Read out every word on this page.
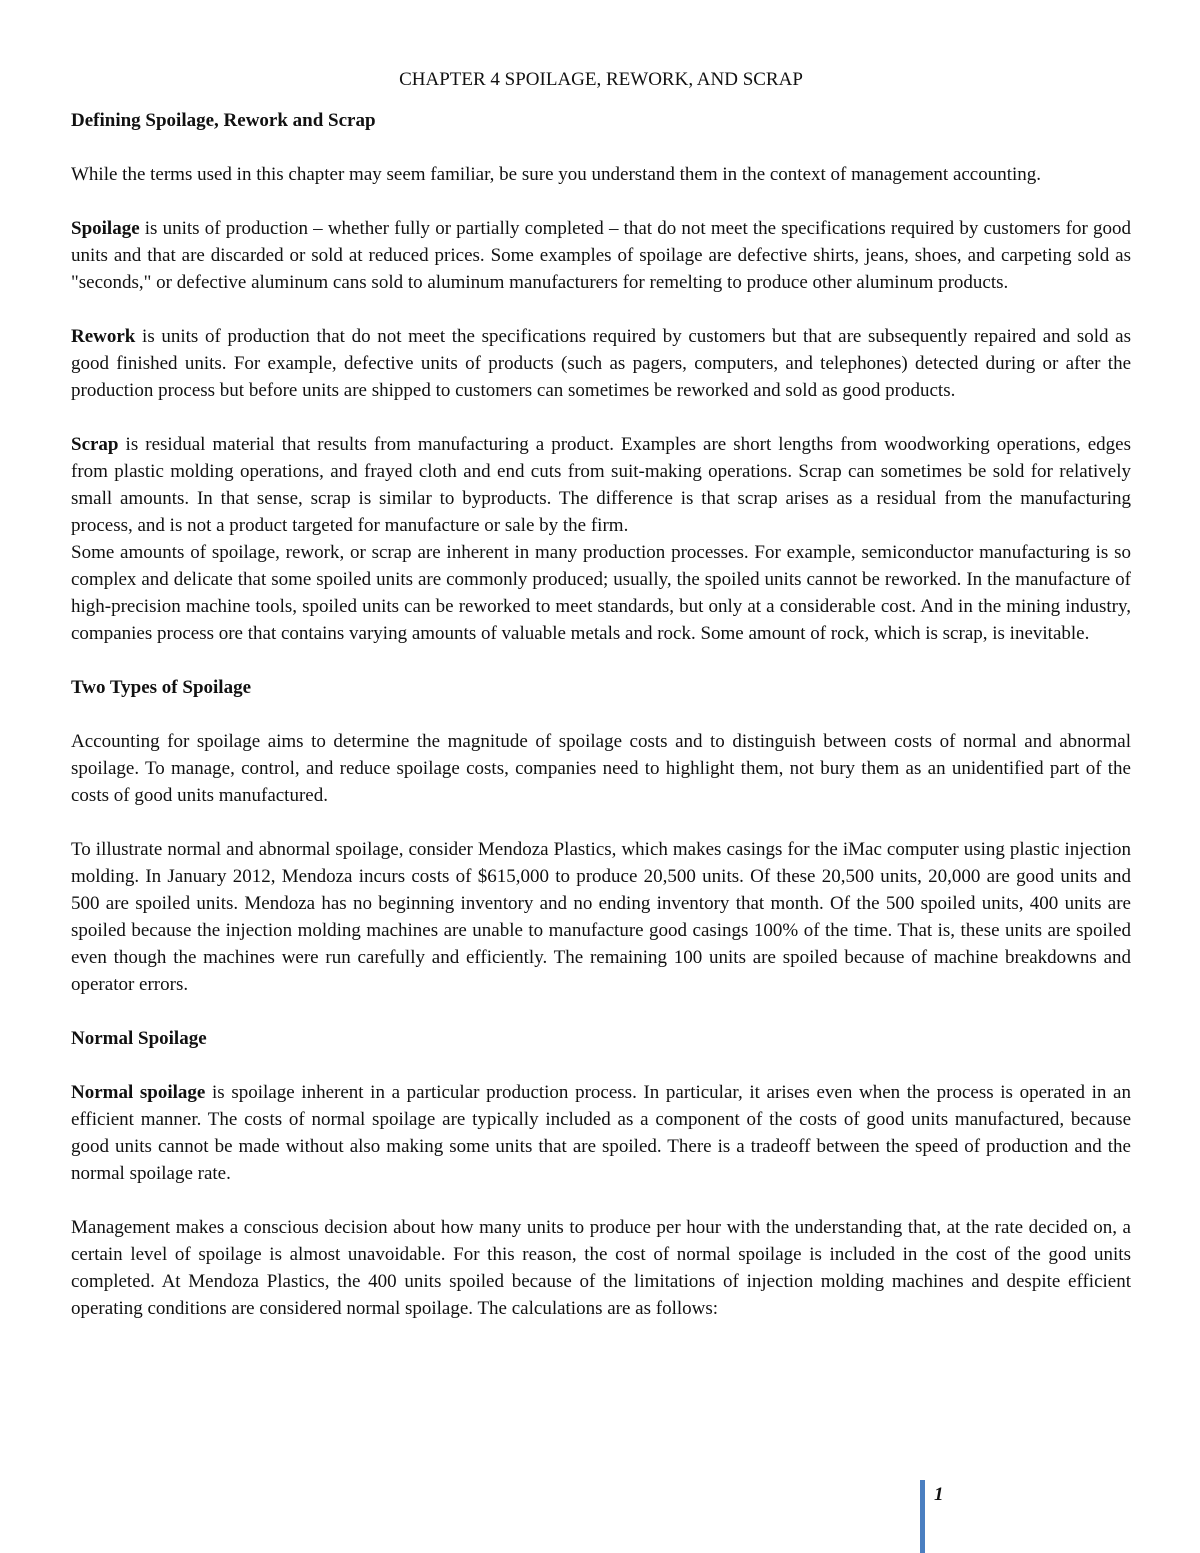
CHAPTER 4 SPOILAGE, REWORK, AND SCRAP
Defining Spoilage, Rework and Scrap

While the terms used in this chapter may seem familiar, be sure you understand them in the context of management accounting.

Spoilage is units of production – whether fully or partially completed – that do not meet the specifications required by customers for good units and that are discarded or sold at reduced prices. Some examples of spoilage are defective shirts, jeans, shoes, and carpeting sold as "seconds," or defective aluminum cans sold to aluminum manufacturers for remelting to produce other aluminum products.

Rework is units of production that do not meet the specifications required by customers but that are subsequently repaired and sold as good finished units. For example, defective units of products (such as pagers, computers, and telephones) detected during or after the production process but before units are shipped to customers can sometimes be reworked and sold as good products.

Scrap is residual material that results from manufacturing a product. Examples are short lengths from woodworking operations, edges from plastic molding operations, and frayed cloth and end cuts from suit-making operations. Scrap can sometimes be sold for relatively small amounts. In that sense, scrap is similar to byproducts. The difference is that scrap arises as a residual from the manufacturing process, and is not a product targeted for manufacture or sale by the firm.

Some amounts of spoilage, rework, or scrap are inherent in many production processes. For example, semiconductor manufacturing is so complex and delicate that some spoiled units are commonly produced; usually, the spoiled units cannot be reworked. In the manufacture of high-precision machine tools, spoiled units can be reworked to meet standards, but only at a considerable cost. And in the mining industry, companies process ore that contains varying amounts of valuable metals and rock. Some amount of rock, which is scrap, is inevitable.

Two Types of Spoilage

Accounting for spoilage aims to determine the magnitude of spoilage costs and to distinguish between costs of normal and abnormal spoilage. To manage, control, and reduce spoilage costs, companies need to highlight them, not bury them as an unidentified part of the costs of good units manufactured.

To illustrate normal and abnormal spoilage, consider Mendoza Plastics, which makes casings for the iMac computer using plastic injection molding. In January 2012, Mendoza incurs costs of $615,000 to produce 20,500 units. Of these 20,500 units, 20,000 are good units and 500 are spoiled units. Mendoza has no beginning inventory and no ending inventory that month. Of the 500 spoiled units, 400 units are spoiled because the injection molding machines are unable to manufacture good casings 100% of the time. That is, these units are spoiled even though the machines were run carefully and efficiently. The remaining 100 units are spoiled because of machine breakdowns and operator errors.

Normal Spoilage

Normal spoilage is spoilage inherent in a particular production process. In particular, it arises even when the process is operated in an efficient manner. The costs of normal spoilage are typically included as a component of the costs of good units manufactured, because good units cannot be made without also making some units that are spoiled. There is a tradeoff between the speed of production and the normal spoilage rate.

Management makes a conscious decision about how many units to produce per hour with the understanding that, at the rate decided on, a certain level of spoilage is almost unavoidable. For this reason, the cost of normal spoilage is included in the cost of the good units completed. At Mendoza Plastics, the 400 units spoiled because of the limitations of injection molding machines and despite efficient operating conditions are considered normal spoilage. The calculations are as follows:

1
